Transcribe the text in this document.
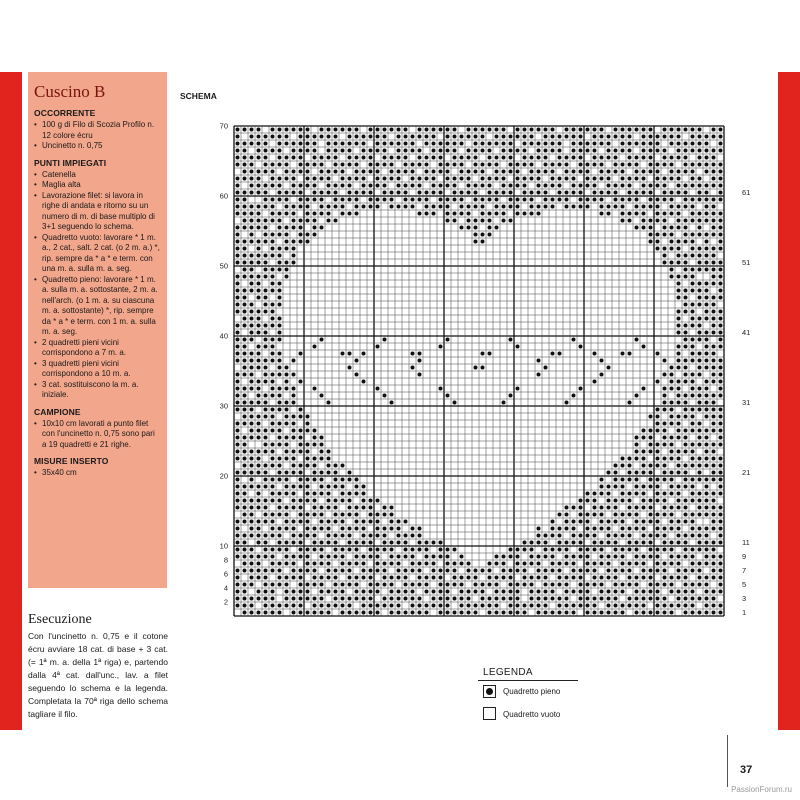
Cuscino B
OCCORRENTE
• 100 g di Filo di Scozia Profilo n. 12 colore écru
• Uncinetto n. 0,75
PUNTI IMPIEGATI
• Catenella
• Maglia alta
• Lavorazione filet: si lavora in righe di andata e ritorno su un numero di m. di base multiplo di 3+1 seguendo lo schema.
• Quadretto vuoto: lavorare * 1 m. a., 2 cat., salt. 2 cat. (o 2 m. a.) *, rip. sempre da * a * e term. con una m. a. sulla m. a. seg.
• Quadretto pieno: lavorare * 1 m. a. sulla m. a. sottostante, 2 m. a. nell'arch. (o 1 m. a. su ciascuna m. a. sottostante) *, rip. sempre da * a * e term. con 1 m. a. sulla m. a. seg.
• 2 quadretti pieni vicini corrispondono a 7 m. a.
• 3 quadretti pieni vicini corrispondono a 10 m. a.
• 3 cat. sostituiscono la m. a. iniziale.
CAMPIONE
• 10x10 cm lavorati a punto filet con l'uncinetto n. 0,75 sono pari a 19 quadretti e 21 righe.
MISURE INSERTO
• 35x40 cm
Esecuzione
Con l'uncinetto n. 0,75 e il cotone écru avviare 18 cat. di base + 3 cat. (= 1ª m. a. della 1ª riga) e, partendo dalla 4ª cat. dall'unc., lav. a filet seguendo lo schema e la legenda. Completata la 70ª riga dello schema tagliare il filo.
SCHEMA
70
60
50
40
30
20
10
8
6
4
2
61
51
41
31
21
11
9
7
5
3
1
LEGENDA
Quadretto pieno
Quadretto vuoto
37
PassionForum.ru
